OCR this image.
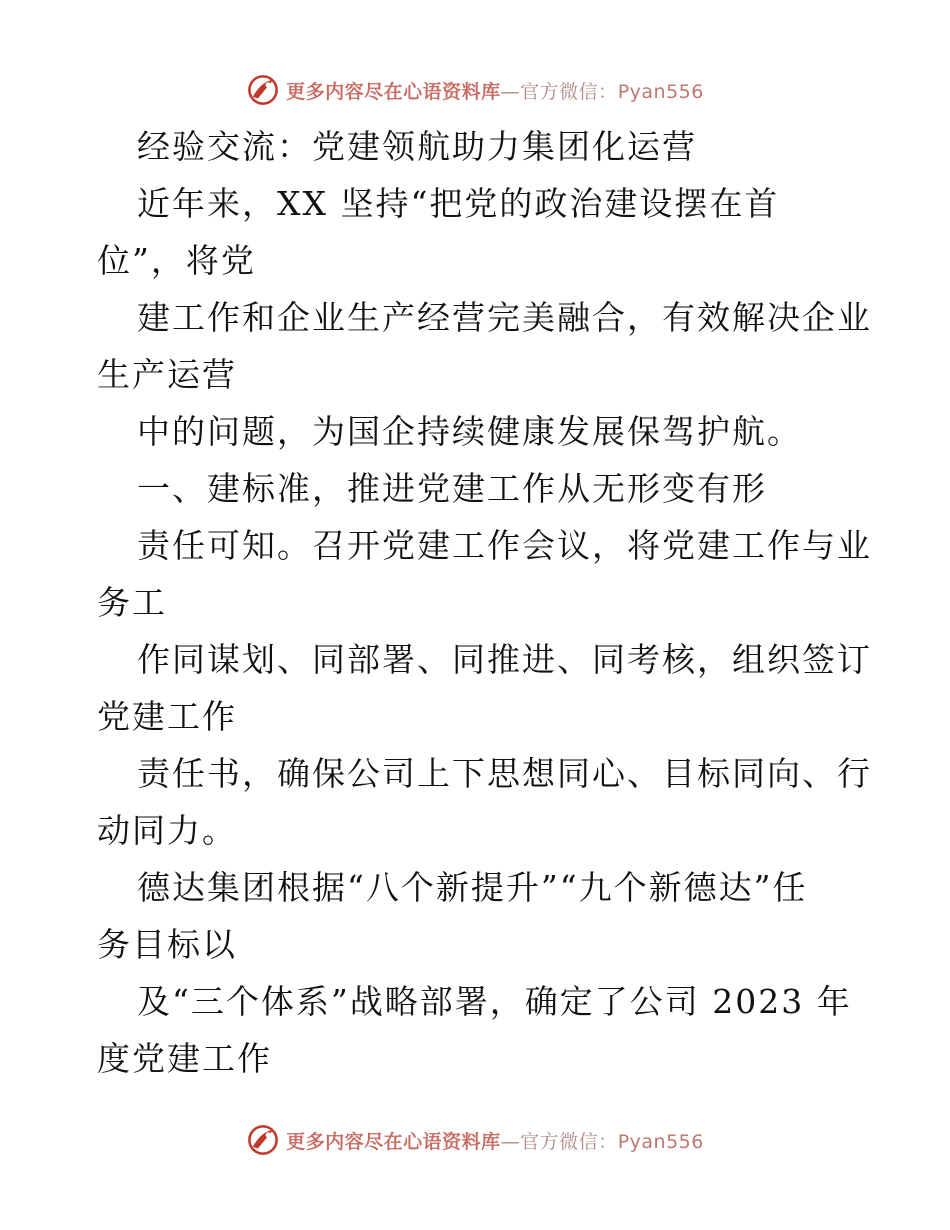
更多内容尽在心语资料库—官方微信：Pyan556
经验交流：党建领航助力集团化运营
近年来，XX 坚持“把党的政治建设摆在首
位”，将党
建工作和企业生产经营完美融合，有效解决企业
生产运营
中的问题，为国企持续健康发展保驾护航。
一、建标准，推进党建工作从无形变有形
责任可知。召开党建工作会议，将党建工作与业
务工
作同谋划、同部署、同推进、同考核，组织签订
党建工作
责任书，确保公司上下思想同心、目标同向、行
动同力。
德达集团根据“八个新提升”“九个新德达”任
务目标以
及“三个体系”战略部署，确定了公司 2023 年
度党建工作
更多内容尽在心语资料库—官方微信：Pyan556
